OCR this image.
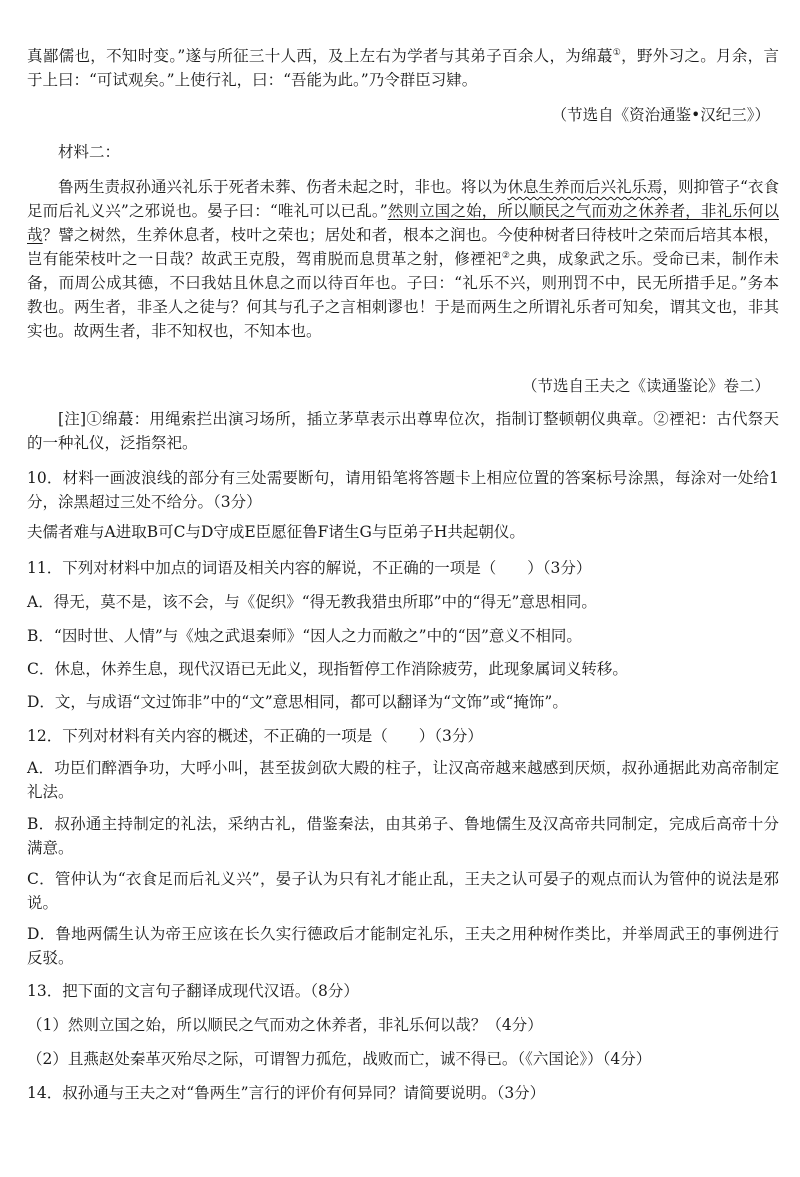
真鄙儒也，不知时变。”遂与所征三十人西，及上左右为学者与其弟子百余人，为绵蕞①，野外习之。月余，言于上曰：“可试观矣。”上使行礼，曰：“吾能为此。”乃令群臣习肄。

（节选自《资治通鉴•汉纪三》）

材料二：

鲁两生责叔孙通兴礼乐于死者未葬、伤者未起之时，非也。将以为休息生养而后兴礼乐焉，则抑管子“衣食足而后礼义兴”之邪说也。晏子曰：“唯礼可以已乱。”然则立国之始，所以顺民之气而劝之休养者，非礼乐何以哉？譬之树然，生养休息者，枝叶之荣也；居处和者，根本之润也。今使种树者曰待枝叶之荣而后培其本根，岂有能荣枝叶之一日哉？故武王克殷，驾甫脱而息贯革之射，修禋祀②之典，成象武之乐。受命已耒，制作未备，而周公成其德，不曰我姑且休息之而以待百年也。子曰：“礼乐不兴，则刑罚不中，民无所措手足。”务本教也。两生者，非圣人之徒与？何其与孔子之言相刺谬也！于是而两生之所谓礼乐者可知矣，谓其文也，非其实也。故两生者，非不知权也，不知本也。

（节选自王夫之《读通鉴论》卷二）

[注]①绵蕞：用绳索拦出演习场所，插立茅草表示出尊卑位次，指制订整顿朝仪典章。②禋祀：古代祭天的一种礼仪，泛指祭祀。

10．材料一画波浪线的部分有三处需要断句，请用铅笔将答题卡上相应位置的答案标号涂黑，每涂对一处给1分，涂黑超过三处不给分。（3分）

夫儒者难与A进取B可C与D守成E臣愿征鲁F诸生G与臣弟子H共起朝仪。

11．下列对材料中加点的词语及相关内容的解说，不正确的一项是（　　）（3分）

A．得无，莫不是，该不会，与《促织》“得无教我猎虫所耶”中的“得无”意思相同。

B．“因时世、人情”与《烛之武退秦师》“因人之力而敝之”中的“因”意义不相同。

C．休息，休养生息，现代汉语已无此义，现指暂停工作消除疲劳，此现象属词义转移。

D．文，与成语“文过饰非”中的“文”意思相同，都可以翻译为“文饰”或“掩饰”。

12．下列对材料有关内容的概述，不正确的一项是（　　）（3分）

A．功臣们醉酒争功，大呼小叫，甚至拔剑砍大殿的柱子，让汉高帝越来越感到厌烦，叔孙通据此劝高帝制定礼法。

B．叔孙通主持制定的礼法，采纳古礼，借鉴秦法，由其弟子、鲁地儒生及汉高帝共同制定，完成后高帝十分满意。

C．管仲认为“衣食足而后礼义兴”，晏子认为只有礼才能止乱，王夫之认可晏子的观点而认为管仲的说法是邪说。

D．鲁地两儒生认为帝王应该在长久实行德政后才能制定礼乐，王夫之用种树作类比，并举周武王的事例进行反驳。

13．把下面的文言句子翻译成现代汉语。（8分）

（1）然则立国之始，所以顺民之气而劝之休养者，非礼乐何以哉？（4分）

（2）且燕赵处秦革灭殆尽之际，可谓智力孤危，战败而亡，诚不得已。（《六国论》）（4分）

14．叔孙通与王夫之对“鲁两生”言行的评价有何异同？请简要说明。（3分）
